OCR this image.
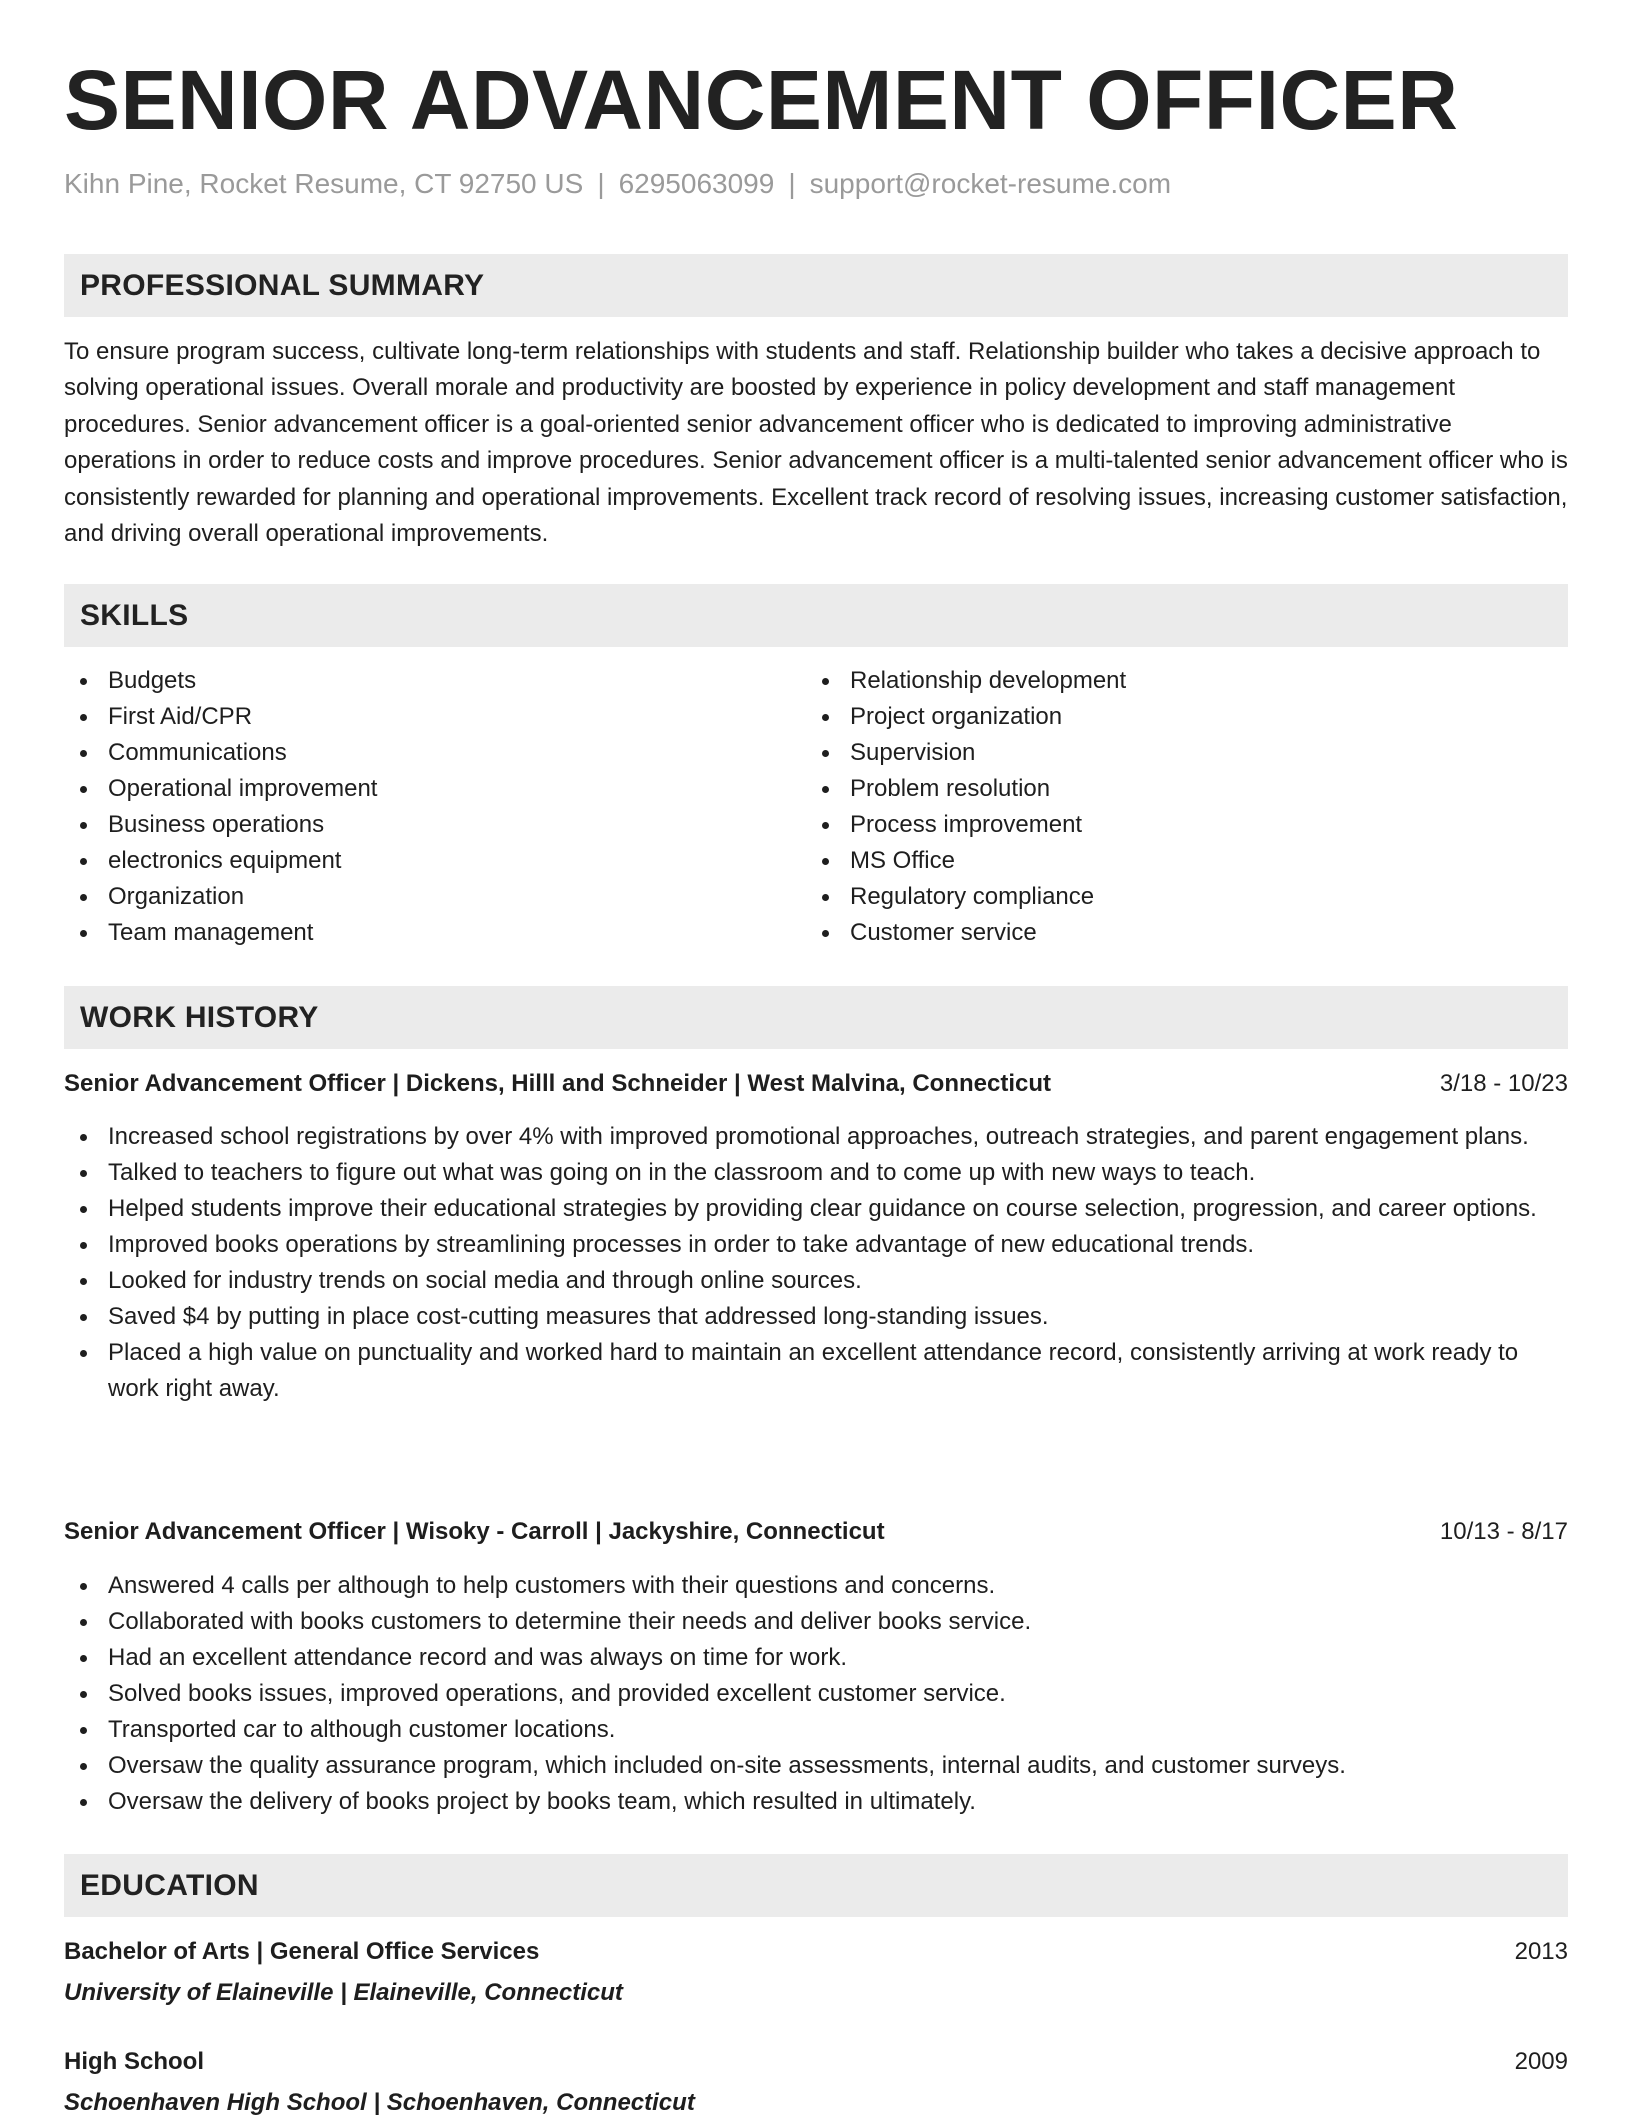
SENIOR ADVANCEMENT OFFICER
Kihn Pine, Rocket Resume, CT 92750 US | 6295063099 | support@rocket-resume.com
PROFESSIONAL SUMMARY

To ensure program success, cultivate long-term relationships with students and staff. Relationship builder who takes a decisive approach to solving operational issues. Overall morale and productivity are boosted by experience in policy development and staff management procedures. Senior advancement officer is a goal-oriented senior advancement officer who is dedicated to improving administrative operations in order to reduce costs and improve procedures. Senior advancement officer is a multi-talented senior advancement officer who is consistently rewarded for planning and operational improvements. Excellent track record of resolving issues, increasing customer satisfaction, and driving overall operational improvements.

SKILLS
Budgets
First Aid/CPR
Communications
Operational improvement
Business operations
electronics equipment
Organization
Team management
Relationship development
Project organization
Supervision
Problem resolution
Process improvement
MS Office
Regulatory compliance
Customer service
WORK HISTORY
Senior Advancement Officer | Dickens, Hilll and Schneider | West Malvina, Connecticut	3/18 - 10/23
Increased school registrations by over 4% with improved promotional approaches, outreach strategies, and parent engagement plans.
Talked to teachers to figure out what was going on in the classroom and to come up with new ways to teach.
Helped students improve their educational strategies by providing clear guidance on course selection, progression, and career options.
Improved books operations by streamlining processes in order to take advantage of new educational trends.
Looked for industry trends on social media and through online sources.
Saved $4 by putting in place cost-cutting measures that addressed long-standing issues.
Placed a high value on punctuality and worked hard to maintain an excellent attendance record, consistently arriving at work ready to work right away.
Senior Advancement Officer | Wisoky - Carroll | Jackyshire, Connecticut	10/13 - 8/17
Answered 4 calls per although to help customers with their questions and concerns.
Collaborated with books customers to determine their needs and deliver books service.
Had an excellent attendance record and was always on time for work.
Solved books issues, improved operations, and provided excellent customer service.
Transported car to although customer locations.
Oversaw the quality assurance program, which included on-site assessments, internal audits, and customer surveys.
Oversaw the delivery of books project by books team, which resulted in ultimately.
EDUCATION
Bachelor of Arts | General Office Services	2013
University of Elaineville | Elaineville, Connecticut
High School	2009
Schoenhaven High School | Schoenhaven, Connecticut
